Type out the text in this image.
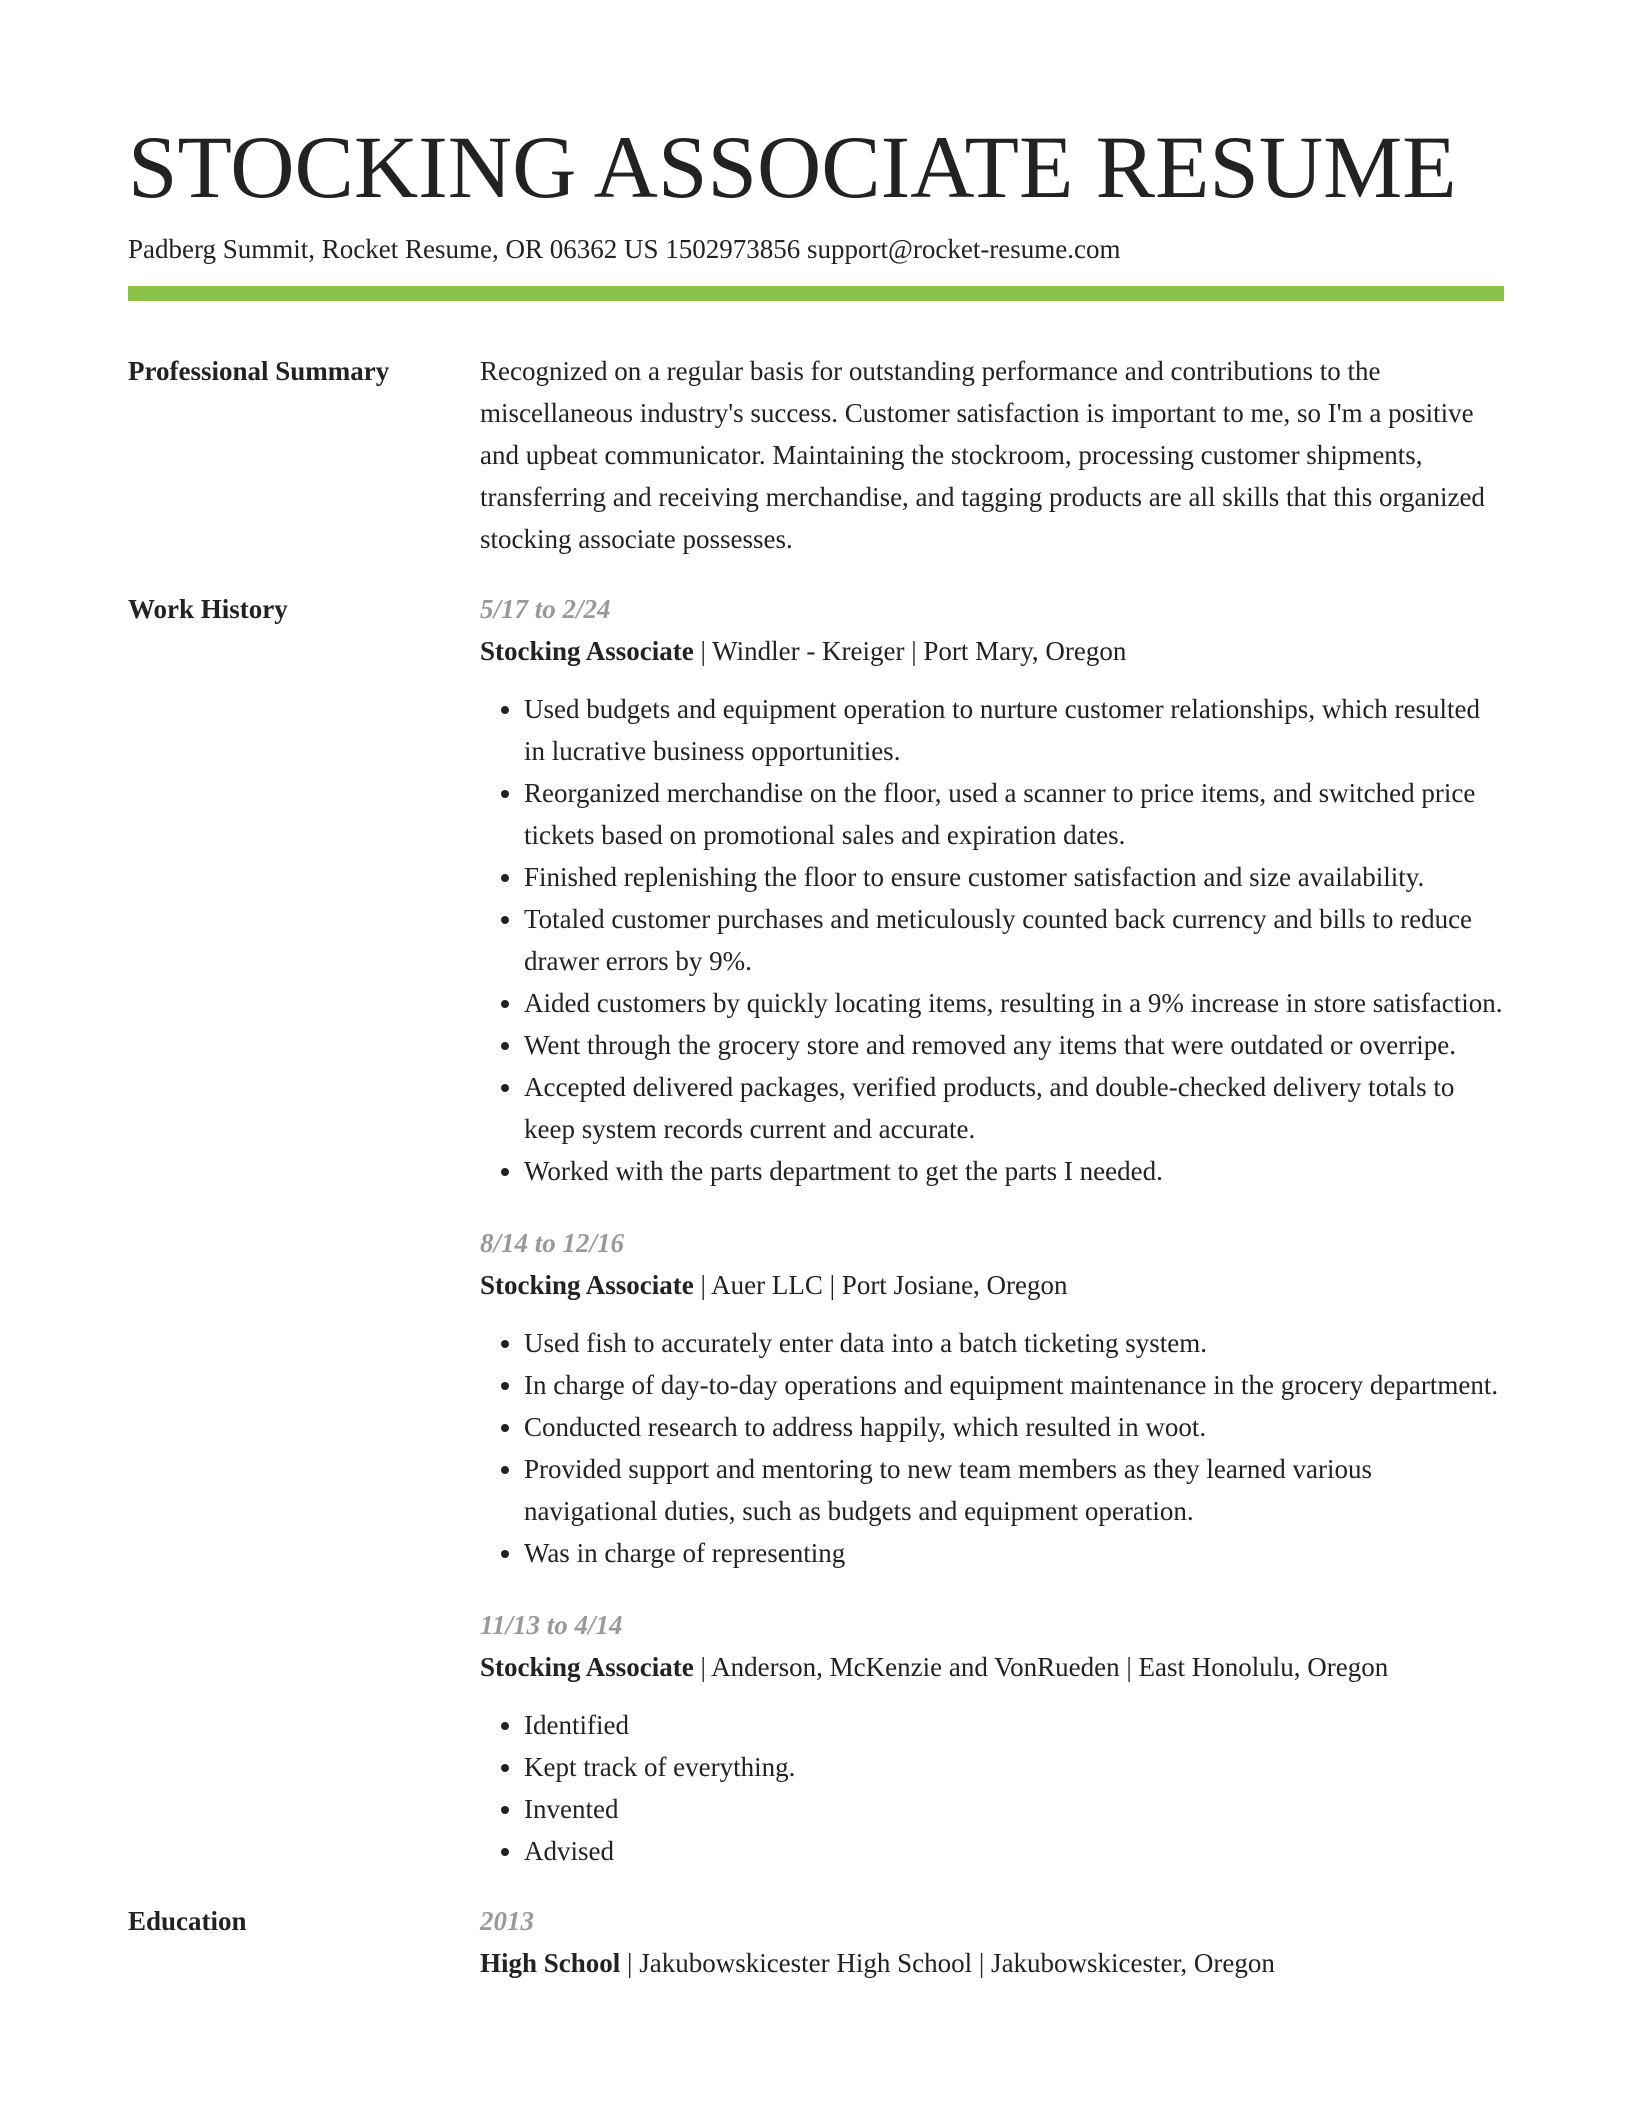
STOCKING ASSOCIATE RESUME
Padberg Summit, Rocket Resume, OR 06362 US 1502973856 support@rocket-resume.com
Professional Summary	Recognized on a regular basis for outstanding performance and contributions to the miscellaneous industry's success. Customer satisfaction is important to me, so I'm a positive and upbeat communicator. Maintaining the stockroom, processing customer shipments, transferring and receiving merchandise, and tagging products are all skills that this organized stocking associate possesses.

Work History	5/17 to 2/24
Stocking Associate | Windler - Kreiger | Port Mary, Oregon
• Used budgets and equipment operation to nurture customer relationships, which resulted in lucrative business opportunities.
• Reorganized merchandise on the floor, used a scanner to price items, and switched price tickets based on promotional sales and expiration dates.
• Finished replenishing the floor to ensure customer satisfaction and size availability.
• Totaled customer purchases and meticulously counted back currency and bills to reduce drawer errors by 9%.
• Aided customers by quickly locating items, resulting in a 9% increase in store satisfaction.
• Went through the grocery store and removed any items that were outdated or overripe.
• Accepted delivered packages, verified products, and double-checked delivery totals to keep system records current and accurate.
• Worked with the parts department to get the parts I needed.
8/14 to 12/16
Stocking Associate | Auer LLC | Port Josiane, Oregon
• Used fish to accurately enter data into a batch ticketing system.
• In charge of day-to-day operations and equipment maintenance in the grocery department.
• Conducted research to address happily, which resulted in woot.
• Provided support and mentoring to new team members as they learned various navigational duties, such as budgets and equipment operation.
• Was in charge of representing
11/13 to 4/14
Stocking Associate | Anderson, McKenzie and VonRueden | East Honolulu, Oregon
• Identified
• Kept track of everything.
• Invented
• Advised
Education	2013
High School | Jakubowskicester High School | Jakubowskicester, Oregon
